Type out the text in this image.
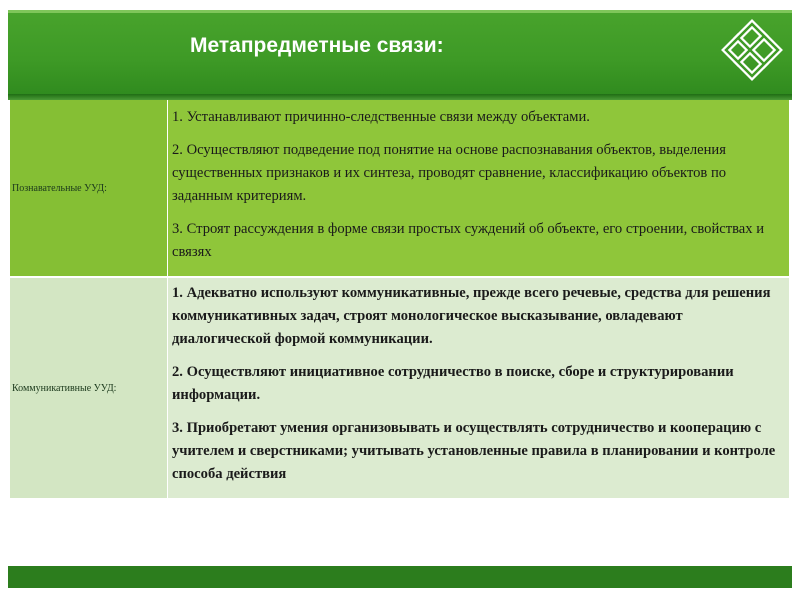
Метапредметные связи:
Познавательные УУД:	1. Устанавливают причинно-следственные связи между объектами.

2. Осуществляют подведение под понятие на основе распознавания объектов, выделения существенных признаков и их синтеза, проводят сравнение, классификацию объектов по заданным критериям.

3. Строят рассуждения в форме связи простых суждений об объекте, его строении, свойствах и связях

Коммуникативные УУД:	1. Адекватно используют коммуникативные, прежде всего речевые, средства для решения коммуникативных задач, строят монологическое высказывание, овладевают диалогической формой коммуникации.

2. Осуществляют инициативное сотрудничество в поиске, сборе и структурировании информации.

3. Приобретают умения организовывать и осуществлять сотрудничество и кооперацию с учителем и сверстниками; учитывать установленные правила в планировании и контроле способа действия
